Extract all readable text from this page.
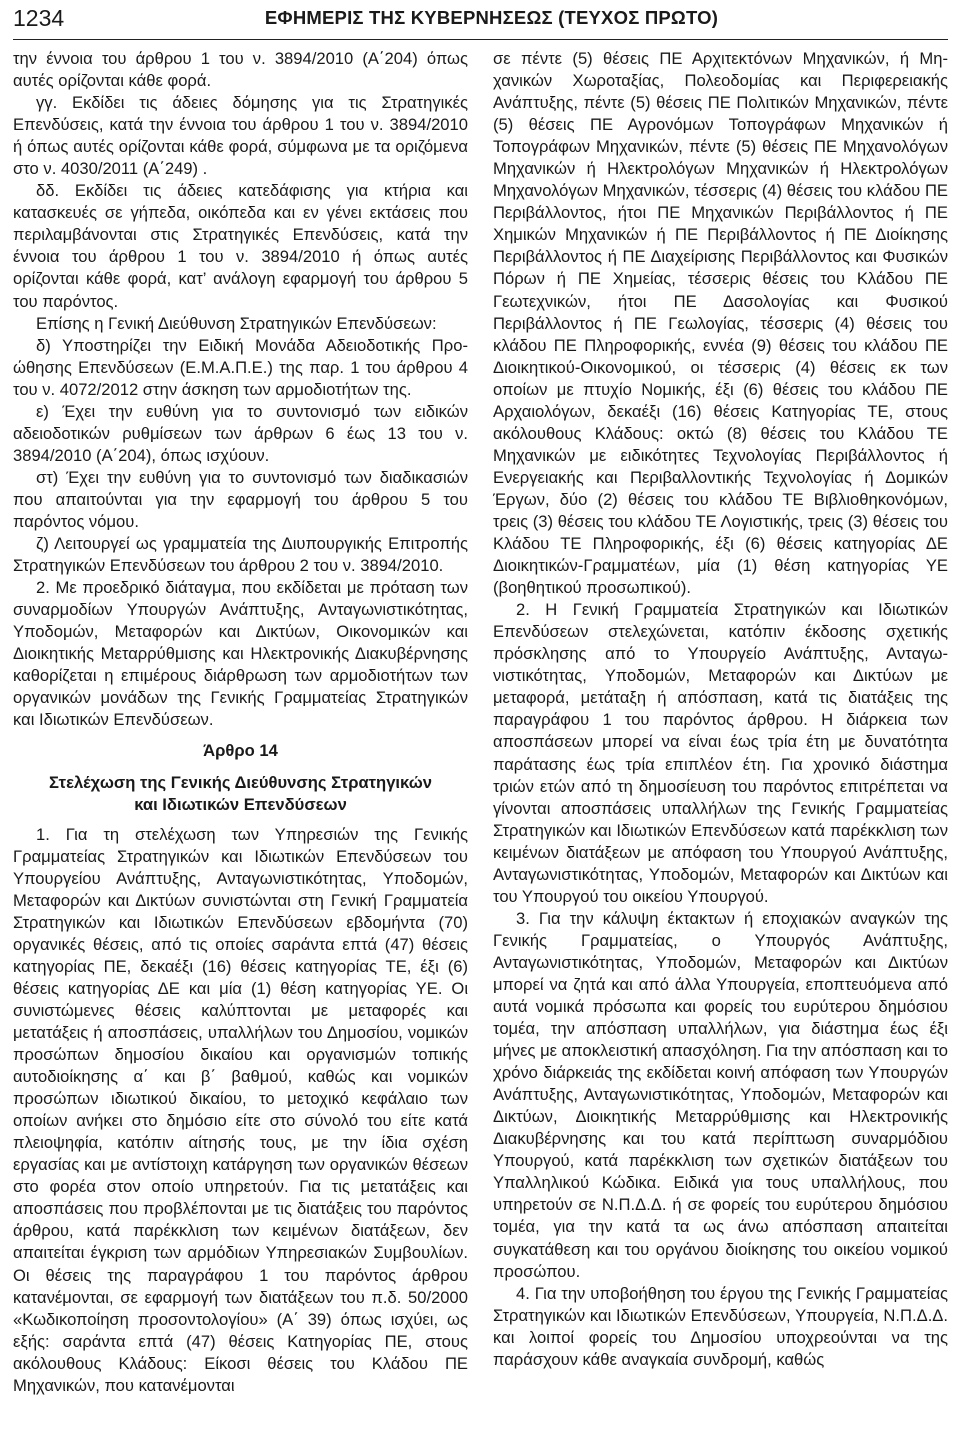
1234	ΕΦΗΜΕΡΙΣ ΤΗΣ ΚΥΒΕΡΝΗΣΕΩΣ (ΤΕΥΧΟΣ ΠΡΩΤΟ)

την έννοια του άρθρου 1 του ν. 3894/2010 (Α΄204) όπως αυτές ορίζονται κάθε φορά.

γγ. Εκδίδει τις άδειες δόμησης για τις Στρατηγικές Επενδύσεις, κατά την έννοια του άρθρου 1 του ν. 3894/2010 ή όπως αυτές ορίζονται κάθε φορά, σύμφωνα με τα οριζόμενα στο ν. 4030/2011 (Α΄249) .

δδ. Εκδίδει τις άδειες κατεδάφισης για κτήρια και κατασκευές σε γήπεδα, οικόπεδα και εν γένει εκτάσεις που περιλαμβάνονται στις Στρατηγικές Επενδύσεις, κατά την έννοια του άρθρου 1 του ν. 3894/2010 ή όπως αυτές ορίζονται κάθε φορά, κατ’ ανάλογη εφαρμογή του άρθρου 5 του παρόντος.

Επίσης η Γενική Διεύθυνση Στρατηγικών Επενδύσεων:

δ) Υποστηρίζει την Ειδική Μονάδα Αδειοδοτικής Προώθησης Επενδύσεων (Ε.Μ.Α.Π.Ε.) της παρ. 1 του άρθρου 4 του ν. 4072/2012 στην άσκηση των αρμοδιοτήτων της.

ε) Έχει την ευθύνη για το συντονισμό των ειδικών αδειοδοτικών ρυθμίσεων των άρθρων 6 έως 13 του ν. 3894/2010 (Α΄204), όπως ισχύουν.

στ) Έχει την ευθύνη για το συντονισμό των διαδικασιών που απαιτούνται για την εφαρμογή του άρθρου 5 του παρόντος νόμου.

ζ) Λειτουργεί ως γραμματεία της Διυπουργικής Επιτροπής Στρατηγικών Επενδύσεων του άρθρου 2 του ν. 3894/2010.

2. Με προεδρικό διάταγμα, που εκδίδεται με πρόταση των συναρμοδίων Υπουργών Ανάπτυξης, Ανταγωνιστικότητας, Υποδομών, Μεταφορών και Δικτύων, Οικονομικών και Διοικητικής Μεταρρύθμισης και Ηλεκτρονικής Διακυβέρνησης καθορίζεται η επιμέρους διάρθρωση των αρμοδιοτήτων των οργανικών μονάδων της Γενικής Γραμματείας Στρατηγικών και Ιδιωτικών Επενδύσεων.

Άρθρο 14
Στελέχωση της Γενικής Διεύθυνσης Στρατηγικών
και Ιδιωτικών Επενδύσεων

1. Για τη στελέχωση των Υπηρεσιών της Γενικής Γραμματείας Στρατηγικών και Ιδιωτικών Επενδύσεων του Υπουργείου Ανάπτυξης, Ανταγωνιστικότητας, Υποδομών, Μεταφορών και Δικτύων συνιστώνται στη Γενική Γραμματεία Στρατηγικών και Ιδιωτικών Επενδύσεων εβδομήντα (70) οργανικές θέσεις, από τις οποίες σαράντα επτά (47) θέσεις κατηγορίας ΠΕ, δεκαέξι (16) θέσεις κατηγορίας ΤΕ, έξι (6) θέσεις κατηγορίας ΔΕ και μία (1) θέση κατηγορίας ΥΕ. Οι συνιστώμενες θέσεις καλύπτονται με μεταφορές και μετατάξεις ή αποσπάσεις, υπαλλήλων του Δημοσίου, νομικών προσώπων δημοσίου δικαίου και οργανισμών τοπικής αυτοδιοίκησης α΄ και β΄ βαθμού, καθώς και νομικών προσώπων ιδιωτικού δικαίου, το μετοχικό κεφάλαιο των οποίων ανήκει στο δημόσιο είτε στο σύνολό του είτε κατά πλειοψηφία, κατόπιν αίτησής τους, με την ίδια σχέση εργασίας και με αντίστοιχη κατάργηση των οργανικών θέσεων στο φορέα στον οποίο υπηρετούν. Για τις μετατάξεις και αποσπάσεις που προβλέπονται με τις διατάξεις του παρόντος άρθρου, κατά παρέκκλιση των κειμένων διατάξεων, δεν απαιτείται έγκριση των αρμόδιων Υπηρεσιακών Συμβουλίων. Οι θέσεις της παραγράφου 1 του παρόντος άρθρου κατανέμονται, σε εφαρμογή των διατάξεων του π.δ. 50/2000 «Κωδικοποίηση προσοντολογίου» (Α΄ 39) όπως ισχύει, ως εξής: σαράντα επτά (47) θέσεις Κατηγορίας ΠΕ, στους ακόλουθους Κλάδους: Είκοσι θέσεις του Κλάδου ΠΕ Μηχανικών, που κατανέμονται

σε πέντε (5) θέσεις ΠΕ Αρχιτεκτόνων Μηχανικών, ή Μηχανικών Χωροταξίας, Πολεοδομίας και Περιφερειακής Ανάπτυξης, πέντε (5) θέσεις ΠΕ Πολιτικών Μηχανικών, πέντε (5) θέσεις ΠΕ Αγρονόμων Τοπογράφων Μηχανικών ή Τοπογράφων Μηχανικών, πέντε (5) θέσεις ΠΕ Μηχανολόγων Μηχανικών ή Ηλεκτρολόγων Μηχανικών ή Ηλεκτρολόγων Μηχανολόγων Μηχανικών, τέσσερις (4) θέσεις του κλάδου ΠΕ Περιβάλλοντος, ήτοι ΠΕ Μηχανικών Περιβάλλοντος ή ΠΕ Χημικών Μηχανικών ή ΠΕ Περιβάλλοντος ή ΠΕ Διοίκησης Περιβάλλοντος ή ΠΕ Διαχείρισης Περιβάλλοντος και Φυσικών Πόρων ή ΠΕ Χημείας, τέσσερις θέσεις του Κλάδου ΠΕ Γεωτεχνικών, ήτοι ΠΕ Δασολογίας και Φυσικού Περιβάλλοντος ή ΠΕ Γεωλογίας, τέσσερις (4) θέσεις του κλάδου ΠΕ Πληροφορικής, εννέα (9) θέσεις του κλάδου ΠΕ Διοικητικού-Οικονομικού, οι τέσσερις (4) θέσεις εκ των οποίων με πτυχίο Νομικής, έξι (6) θέσεις του κλάδου ΠΕ Αρχαιολόγων, δεκαέξι (16) θέσεις Κατηγορίας ΤΕ, στους ακόλουθους Κλάδους: οκτώ (8) θέσεις του Κλάδου ΤΕ Μηχανικών με ειδικότητες Τεχνολογίας Περιβάλλοντος ή Ενεργειακής και Περιβαλλοντικής Τεχνολογίας ή Δομικών Έργων, δύο (2) θέσεις του κλάδου ΤΕ Βιβλιοθηκονόμων, τρεις (3) θέσεις του κλάδου ΤΕ Λογιστικής, τρεις (3) θέσεις του Κλάδου ΤΕ Πληροφορικής, έξι (6) θέσεις κατηγορίας ΔΕ Διοικητικών-Γραμματέων, μία (1) θέση κατηγορίας ΥΕ (βοηθητικού προσωπικού).

2. Η Γενική Γραμματεία Στρατηγικών και Ιδιωτικών Επενδύσεων στελεχώνεται, κατόπιν έκδοσης σχετικής πρόσκλησης από το Υπουργείο Ανάπτυξης, Ανταγωνιστικότητας, Υποδομών, Μεταφορών και Δικτύων με μεταφορά, μετάταξη ή απόσπαση, κατά τις διατάξεις της παραγράφου 1 του παρόντος άρθρου. Η διάρκεια των αποσπάσεων μπορεί να είναι έως τρία έτη με δυνατότητα παράτασης έως τρία επιπλέον έτη. Για χρονικό διάστημα τριών ετών από τη δημοσίευση του παρόντος επιτρέπεται να γίνονται αποσπάσεις υπαλλήλων της Γενικής Γραμματείας Στρατηγικών και Ιδιωτικών Επενδύσεων κατά παρέκκλιση των κειμένων διατάξεων με απόφαση του Υπουργού Ανάπτυξης, Ανταγωνιστικότητας, Υποδομών, Μεταφορών και Δικτύων και του Υπουργού του οικείου Υπουργού.

3. Για την κάλυψη έκτακτων ή εποχιακών αναγκών της Γενικής Γραμματείας, ο Υπουργός Ανάπτυξης, Ανταγωνιστικότητας, Υποδομών, Μεταφορών και Δικτύων μπορεί να ζητά και από άλλα Υπουργεία, εποπτευόμενα από αυτά νομικά πρόσωπα και φορείς του ευρύτερου δημόσιου τομέα, την απόσπαση υπαλλήλων, για διάστημα έως έξι μήνες με αποκλειστική απασχόληση. Για την απόσπαση και το χρόνο διάρκειάς της εκδίδεται κοινή απόφαση των Υπουργών Ανάπτυξης, Ανταγωνιστικότητας, Υποδομών, Μεταφορών και Δικτύων, Διοικητικής Μεταρρύθμισης και Ηλεκτρονικής Διακυβέρνησης και του κατά περίπτωση συναρμόδιου Υπουργού, κατά παρέκκλιση των σχετικών διατάξεων του Υπαλληλικού Κώδικα. Ειδικά για τους υπαλλήλους, που υπηρετούν σε Ν.Π.Δ.Δ. ή σε φορείς του ευρύτερου δημόσιου τομέα, για την κατά τα ως άνω απόσπαση απαιτείται συγκατάθεση και του οργάνου διοίκησης του οικείου νομικού προσώπου.

4. Για την υποβοήθηση του έργου της Γενικής Γραμματείας Στρατηγικών και Ιδιωτικών Επενδύσεων, Υπουργεία, Ν.Π.Δ.Δ. και λοιποί φορείς του Δημοσίου υποχρεούνται να της παράσχουν κάθε αναγκαία συνδρομή, καθώς
